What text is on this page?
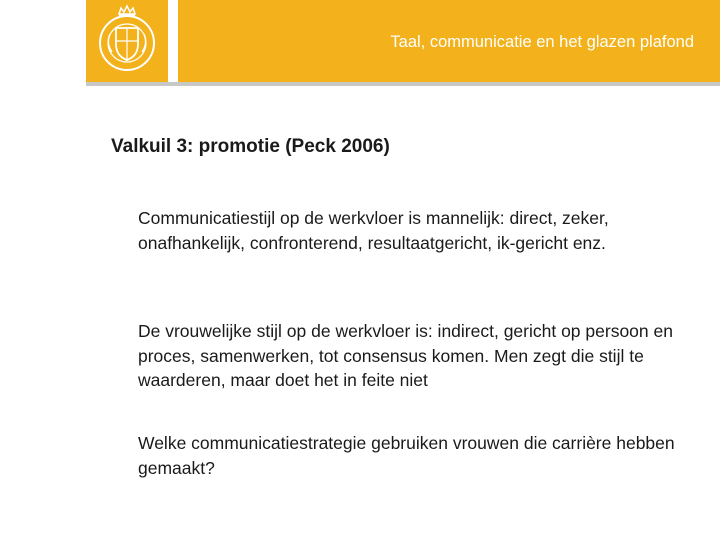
Taal, communicatie en het glazen plafond
Valkuil 3: promotie (Peck 2006)
Communicatiestijl op de werkvloer is mannelijk: direct, zeker, onafhankelijk, confronterend, resultaatgericht, ik-gericht enz.
De vrouwelijke stijl op de werkvloer is: indirect, gericht op persoon en proces, samenwerken, tot consensus komen. Men zegt die stijl te waarderen, maar doet het in feite niet
Welke communicatiestrategie gebruiken vrouwen die carrière hebben gemaakt?
